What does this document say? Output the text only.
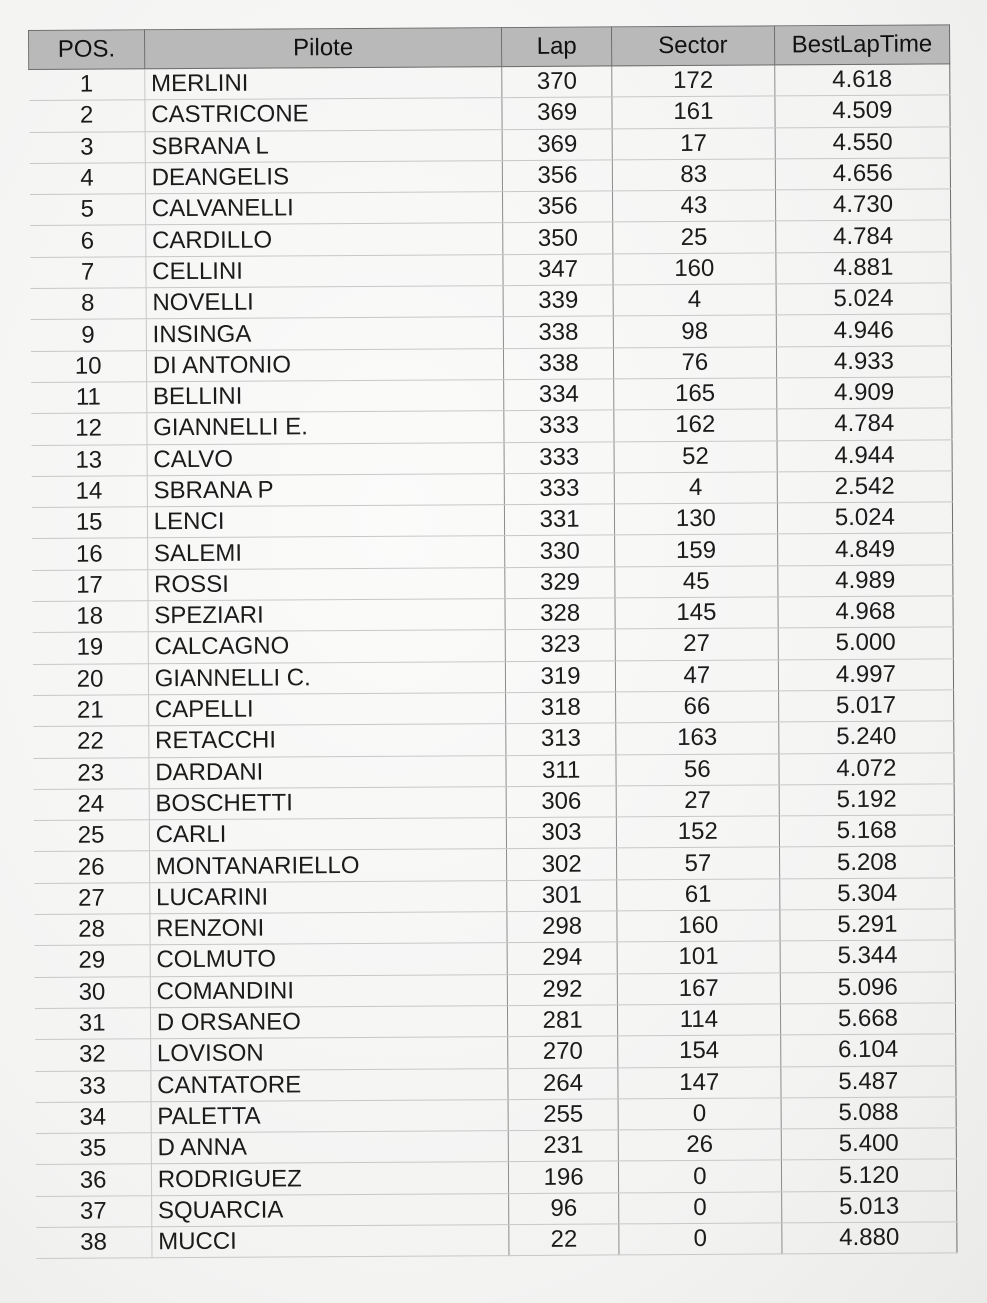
POS.	Pilote	Lap	Sector	BestLapTime
1	MERLINI	370	172	4.618
2	CASTRICONE	369	161	4.509
3	SBRANA L	369	17	4.550
4	DEANGELIS	356	83	4.656
5	CALVANELLI	356	43	4.730
6	CARDILLO	350	25	4.784
7	CELLINI	347	160	4.881
8	NOVELLI	339	4	5.024
9	INSINGA	338	98	4.946
10	DI ANTONIO	338	76	4.933
11	BELLINI	334	165	4.909
12	GIANNELLI E.	333	162	4.784
13	CALVO	333	52	4.944
14	SBRANA P	333	4	2.542
15	LENCI	331	130	5.024
16	SALEMI	330	159	4.849
17	ROSSI	329	45	4.989
18	SPEZIARI	328	145	4.968
19	CALCAGNO	323	27	5.000
20	GIANNELLI C.	319	47	4.997
21	CAPELLI	318	66	5.017
22	RETACCHI	313	163	5.240
23	DARDANI	311	56	4.072
24	BOSCHETTI	306	27	5.192
25	CARLI	303	152	5.168
26	MONTANARIELLO	302	57	5.208
27	LUCARINI	301	61	5.304
28	RENZONI	298	160	5.291
29	COLMUTO	294	101	5.344
30	COMANDINI	292	167	5.096
31	D ORSANEO	281	114	5.668
32	LOVISON	270	154	6.104
33	CANTATORE	264	147	5.487
34	PALETTA	255	0	5.088
35	D ANNA	231	26	5.400
36	RODRIGUEZ	196	0	5.120
37	SQUARCIA	96	0	5.013
38	MUCCI	22	0	4.880
